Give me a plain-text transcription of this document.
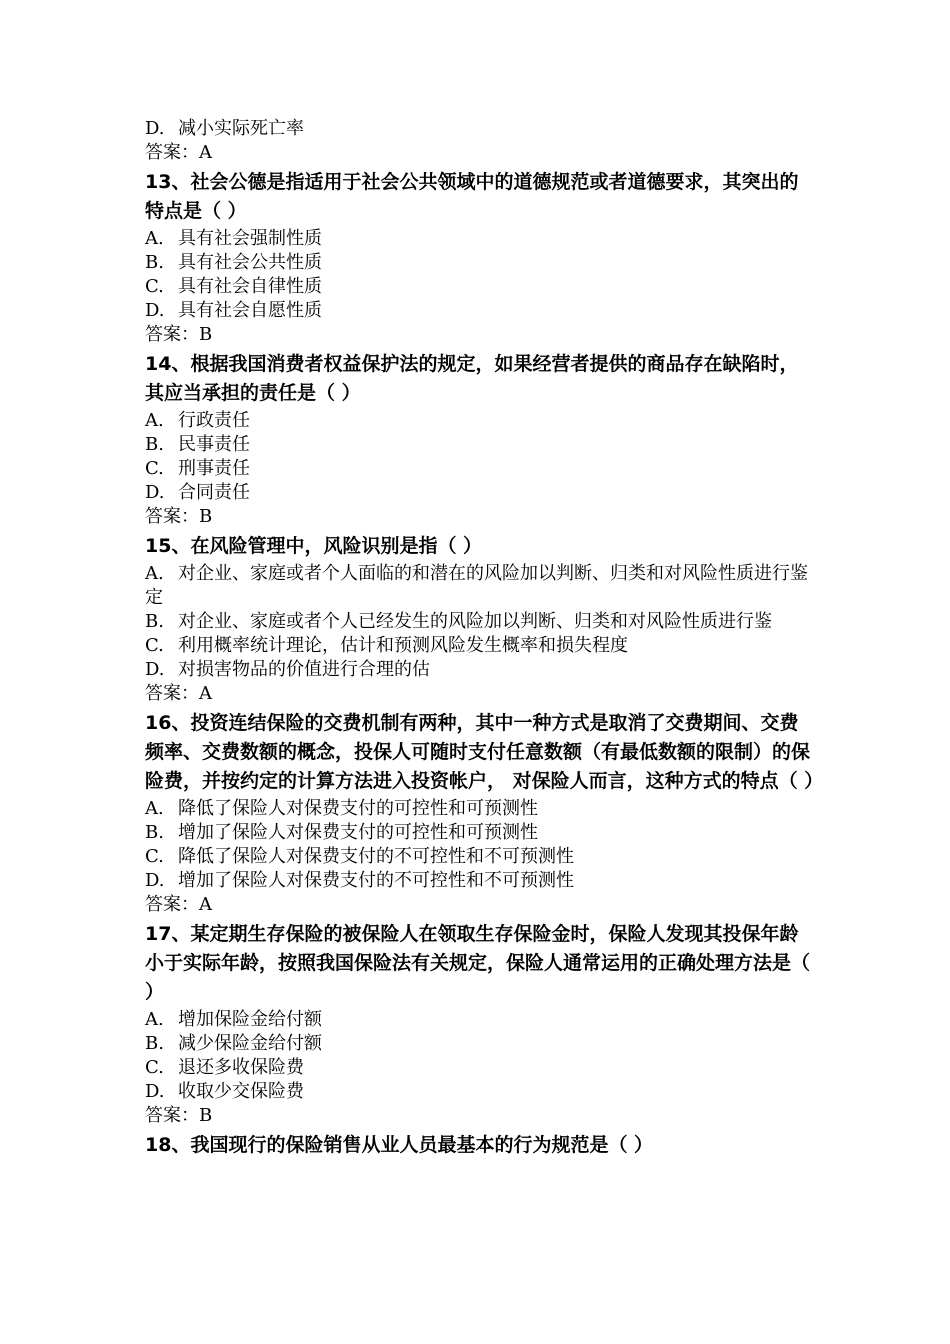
D. 减小实际死亡率
答案：A
13、社会公德是指适用于社会公共领域中的道德规范或者道德要求，其突出的特点是（ ）
A. 具有社会强制性质
B. 具有社会公共性质
C. 具有社会自律性质
D. 具有社会自愿性质
答案：B
14、根据我国消费者权益保护法的规定，如果经营者提供的商品存在缺陷时，其应当承担的责任是（ ）
A. 行政责任
B. 民事责任
C. 刑事责任
D. 合同责任
答案：B
15、在风险管理中，风险识别是指（ ）
A. 对企业、家庭或者个人面临的和潜在的风险加以判断、归类和对风险性质进行鉴定
B. 对企业、家庭或者个人已经发生的风险加以判断、归类和对风险性质进行鉴
C. 利用概率统计理论，估计和预测风险发生概率和损失程度
D. 对损害物品的价值进行合理的估
答案：A
16、投资连结保险的交费机制有两种，其中一种方式是取消了交费期间、交费频率、交费数额的概念，投保人可随时支付任意数额（有最低数额的限制）的保险费，并按约定的计算方法进入投资帐户， 对保险人而言，这种方式的特点（ ）
A. 降低了保险人对保费支付的可控性和可预测性
B. 增加了保险人对保费支付的可控性和可预测性
C. 降低了保险人对保费支付的不可控性和不可预测性
D. 增加了保险人对保费支付的不可控性和不可预测性
答案：A
17、某定期生存保险的被保险人在领取生存保险金时，保险人发现其投保年龄小于实际年龄，按照我国保险法有关规定，保险人通常运用的正确处理方法是（ ）
A. 增加保险金给付额
B. 减少保险金给付额
C. 退还多收保险费
D. 收取少交保险费
答案：B
18、我国现行的保险销售从业人员最基本的行为规范是（ ）
